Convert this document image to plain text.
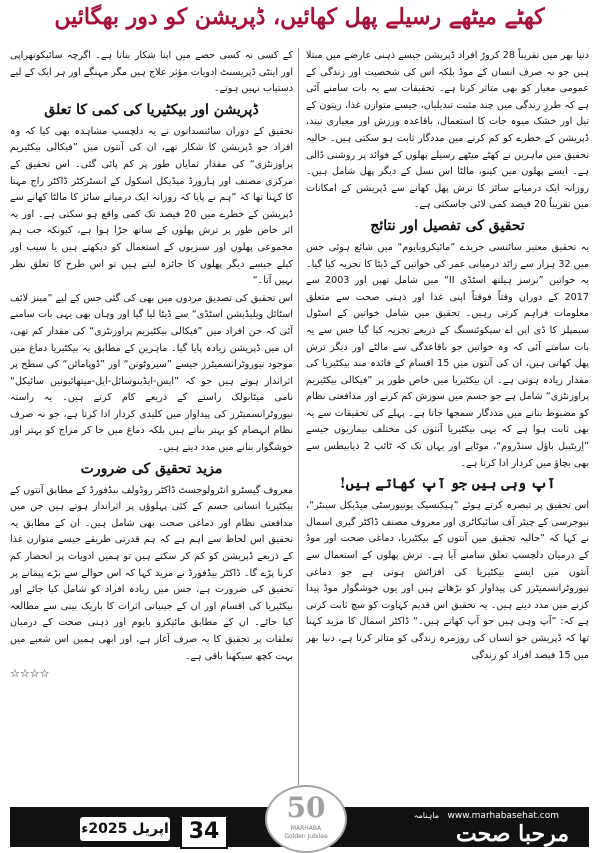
کھٹے میٹھے رسیلے پھل کھائیں، ڈپریشن کو دور بھگائیں

دنیا بھر میں تقریباً 28 کروڑ افراد ڈپریشن جیسے ذہنی عارضے میں مبتلا ہیں جو نہ صرف انسان کے موڈ بلکہ اس کی شخصیت اور زندگی کے عمومی معیار کو بھی متاثر کرتا ہے۔ تحقیقات سے یہ بات سامنے آئی ہے کہ طرزِ زندگی میں چند مثبت تبدیلیاں، جیسے متوازن غذا، زیتون کے تیل اور خشک میوہ جات کا استعمال، باقاعدہ ورزش اور معیاری نیند، ڈپریشن کے خطرے کو کم کرنے میں مددگار ثابت ہو سکتی ہیں۔ حالیہ تحقیق میں ماہرین نے کھٹے میٹھے رسیلے پھلوں کے فوائد پر روشنی ڈالی ہے۔ ایسے پھلوں میں کینو، مالٹا اس نسل کے دیگر پھل شامل ہیں۔ روزانہ ایک درمیانے سائز کا ترش پھل کھانے سے ڈپریشن کے امکانات میں تقریباً 20 فیصد کمی لائی جاسکتی ہے۔

تحقیق کی تفصیل اور نتائج

یہ تحقیق معتبر سائنسی جریدے ”مائیکروبایوم“ میں شائع ہوئی جس میں 32 ہزار سے زائد درمیانی عمر کی خواتین کے ڈیٹا کا تجزیہ کیا گیا۔ یہ خواتین ”نرسز ہیلتھ اسٹڈی II“ میں شامل تھیں اور 2003 سے 2017 کے دوران وقتاً فوقتاً اپنی غذا اور ذہنی صحت سے متعلق معلومات فراہم کرتی رہیں۔ تحقیق میں شامل خواتین کے اسٹول سیمپلز کا ڈی این اے سیکوئنسنگ کے ذریعے تجزیہ کیا گیا جس سے یہ بات سامنے آئی کہ وہ خواتین جو باقاعدگی سے مالٹے اور دیگر ترش پھل کھاتی ہیں، ان کی آنتوں میں 15 اقسام کے فائدہ مند بیکٹیریا کی مقدار زیادہ ہوتی ہے۔ ان بیکٹیریا میں خاص طور پر ”فیکالی بیکٹیریم پراوزنٹزی“ شامل ہے جو جسم میں سوزش کم کرنے اور مدافعتی نظام کو مضبوط بنانے میں مددگار سمجھا جاتا ہے۔ پہلے کی تحقیقات سے یہ بھی ثابت ہوا ہے کہ یہی بیکٹیریا آنتوں کی مختلف بیماریوں جیسے ”اِریٹیبل باؤل سنڈروم“، موٹاپے اور یہاں تک کہ ٹائپ 2 ذیابیطس سے بھی بچاؤ میں کردار ادا کرتا ہے۔

آپ وہی ہیں جو آپ کھاتے ہیں!

اس تحقیق پر تبصرہ کرتے ہوئے ”ہیکنسیک یونیورسٹی میڈیکل سینٹر“، نیوجرسی کے چیئر آف سائیکاٹری اور معروف مصنف ڈاکٹر گیری اسمال نے کہا کہ ”حالیہ تحقیق میں آنتوں کے بیکٹیریا، دماغی صحت اور موڈ کے درمیان دلچسپ تعلق سامنے آیا ہے۔ ترش پھلوں کے استعمال سے آنتوں میں ایسے بیکٹیریا کی افزائش ہوتی ہے جو دماغی نیوروٹرانسمیٹرز کی پیداوار کو بڑھاتے ہیں اور یوں خوشگوار موڈ پیدا کرنے میں مدد دیتے ہیں۔ یہ تحقیق اس قدیم کہاوت کو سچ ثابت کرتی ہے کہ: ”آپ وہی ہیں جو آپ کھاتے ہیں۔“ ڈاکٹر اسمال کا مزید کہنا تھا کہ ڈپریشن جو انسان کی روزمرہ زندگی کو متاثر کرتا ہے، دنیا بھر میں 15 فیصد افراد کو زندگی

کے کسی نہ کسی حصے میں اپنا شکار بناتا ہے۔ اگرچہ سائیکوتھراپی اور اینٹی ڈپریسنٹ ادویات مؤثر علاج ہیں مگر مہنگے اور ہر ایک کے لیے دستیاب نہیں ہوتے۔

ڈپریشن اور بیکٹیریا کی کمی کا تعلق

تحقیق کے دوران سائنسدانوں نے یہ دلچسپ مشاہدہ بھی کیا کہ وہ افراد جو ڈپریشن کا شکار تھے، ان کی آنتوں میں ”فیکالی بیکٹیریم پراوزنٹزی“ کی مقدار نمایاں طور پر کم پائی گئی۔ اس تحقیق کے مرکزی مصنف اور ہارورڈ میڈیکل اسکول کے انسٹرکٹر ڈاکٹر راج مہتا کا کہنا تھا کہ ”ہم نے پایا کہ روزانہ ایک درمیانے سائز کا مالٹا کھانے سے ڈپریشن کے خطرے میں 20 فیصد تک کمی واقع ہو سکتی ہے۔ اور یہ اثر خاص طور پر ترش پھلوں کے ساتھ جڑا ہوا ہے، کیونکہ جب ہم مجموعی پھلوں اور سبزیوں کے استعمال کو دیکھتے ہیں یا سیب اور کیلے جیسے دیگر پھلوں کا جائزہ لیتے ہیں تو اس طرح کا تعلق نظر نہیں آتا۔“

اس تحقیق کی تصدیق مردوں میں بھی کی گئی جس کے لیے ”مینز لائف اسٹائل ویلیڈیشن اسٹڈی“ سے ڈیٹا لیا گیا اور وہاں بھی یہی بات سامنے آئی کہ جن افراد میں ”فیکالی بیکٹیریم پراوزنٹزی“ کی مقدار کم تھی، ان میں ڈپریشن زیادہ پایا گیا۔ ماہرین کے مطابق یہ بیکٹیریا دماغ میں موجود نیوروٹرانسمیٹرز جیسے ”سیروٹونن“ اور ”ڈوپامائن“ کی سطح پر اثرانداز ہوتے ہیں جو کہ ”ایس-ایڈینوسائل-ایل-میتھائیونین سائیکل“ نامی میٹابولک راستے کے ذریعے کام کرتے ہیں۔ یہ راستہ نیوروٹرانسمیٹرز کی پیداوار میں کلیدی کردار ادا کرتا ہے، جو نہ صرف نظام انہضام کو بہتر بناتے ہیں بلکہ دماغ میں جا کر مزاج کو بہتر اور خوشگوار بنانے میں مدد دیتے ہیں۔

مزید تحقیق کی ضرورت

معروف گیسٹرو انٹرولوجسٹ ڈاکٹر روڈولف بیڈفورڈ کے مطابق آنتوں کے بیکٹیریا انسانی جسم کے کئی پہلوؤں پر اثرانداز ہوتے ہیں جن میں مدافعتی نظام اور دماغی صحت بھی شامل ہیں۔ ان کے مطابق یہ تحقیق اس لحاظ سے اہم ہے کہ ہم قدرتی طریقے جیسے متوازن غذا کے ذریعے ڈپریشن کو کم کر سکتے ہیں تو ہمیں ادویات پر انحصار کم کرنا پڑے گا۔ ڈاکٹر بیڈفورڈ نے مزید کہا کہ اس حوالے سے بڑے پیمانے پر تحقیق کی ضرورت ہے، جس میں زیادہ افراد کو شامل کیا جائے اور بیکٹیریا کی اقسام اور ان کے جینیاتی اثرات کا باریک بینی سے مطالعہ کیا جائے۔ ان کے مطابق مائیکرو بایوم اور ذہنی صحت کے درمیان تعلقات پر تحقیق کا یہ صرف آغاز ہے، اور ابھی ہمیں اس شعبے میں بہت کچھ سیکھنا باقی ہے۔

☆☆☆☆
اپریل 2025ء 34
www.marhabasehat.com
ماہنامہ
مرحبا صحت
50
MARHABA
Golden Jubilee
